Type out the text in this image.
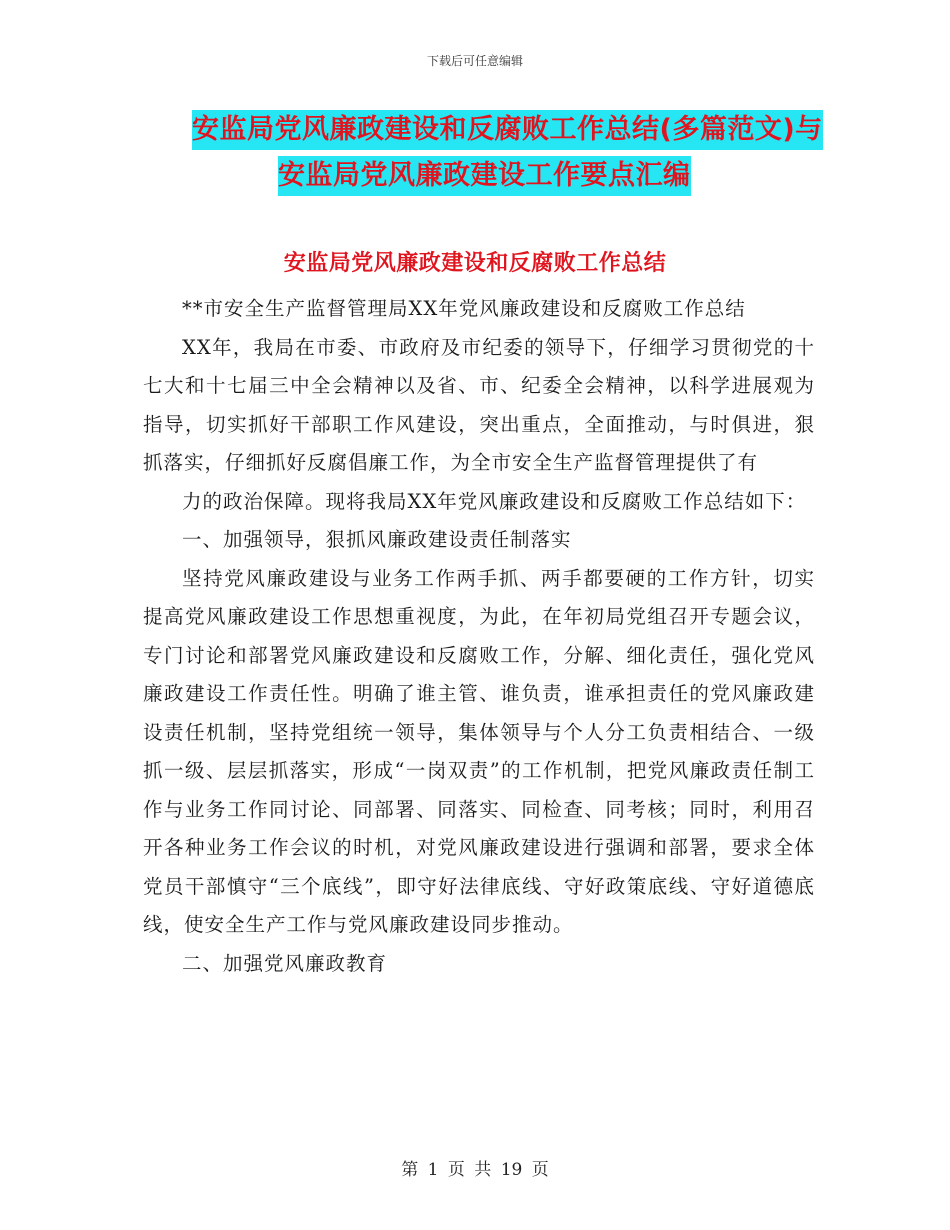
下载后可任意编辑
安监局党风廉政建设和反腐败工作总结(多篇范文)与
安监局党风廉政建设工作要点汇编
安监局党风廉政建设和反腐败工作总结

**市安全生产监督管理局XX年党风廉政建设和反腐败工作总结

XX年，我局在市委、市政府及市纪委的领导下，仔细学习贯彻党的十七大和十七届三中全会精神以及省、市、纪委全会精神，以科学进展观为指导，切实抓好干部职工作风建设，突出重点，全面推动，与时俱进，狠抓落实，仔细抓好反腐倡廉工作，为全市安全生产监督管理提供了有

力的政治保障。现将我局XX年党风廉政建设和反腐败工作总结如下：

一、加强领导，狠抓风廉政建设责任制落实

坚持党风廉政建设与业务工作两手抓、两手都要硬的工作方针，切实提高党风廉政建设工作思想重视度，为此，在年初局党组召开专题会议，专门讨论和部署党风廉政建设和反腐败工作，分解、细化责任，强化党风廉政建设工作责任性。明确了谁主管、谁负责，谁承担责任的党风廉政建设责任机制，坚持党组统一领导，集体领导与个人分工负责相结合、一级抓一级、层层抓落实，形成“一岗双责”的工作机制，把党风廉政责任制工作与业务工作同讨论、同部署、同落实、同检查、同考核；同时，利用召开各种业务工作会议的时机，对党风廉政建设进行强调和部署，要求全体党员干部慎守“三个底线”，即守好法律底线、守好政策底线、守好道德底线，使安全生产工作与党风廉政建设同步推动。

二、加强党风廉政教育

第 1 页 共 19 页
